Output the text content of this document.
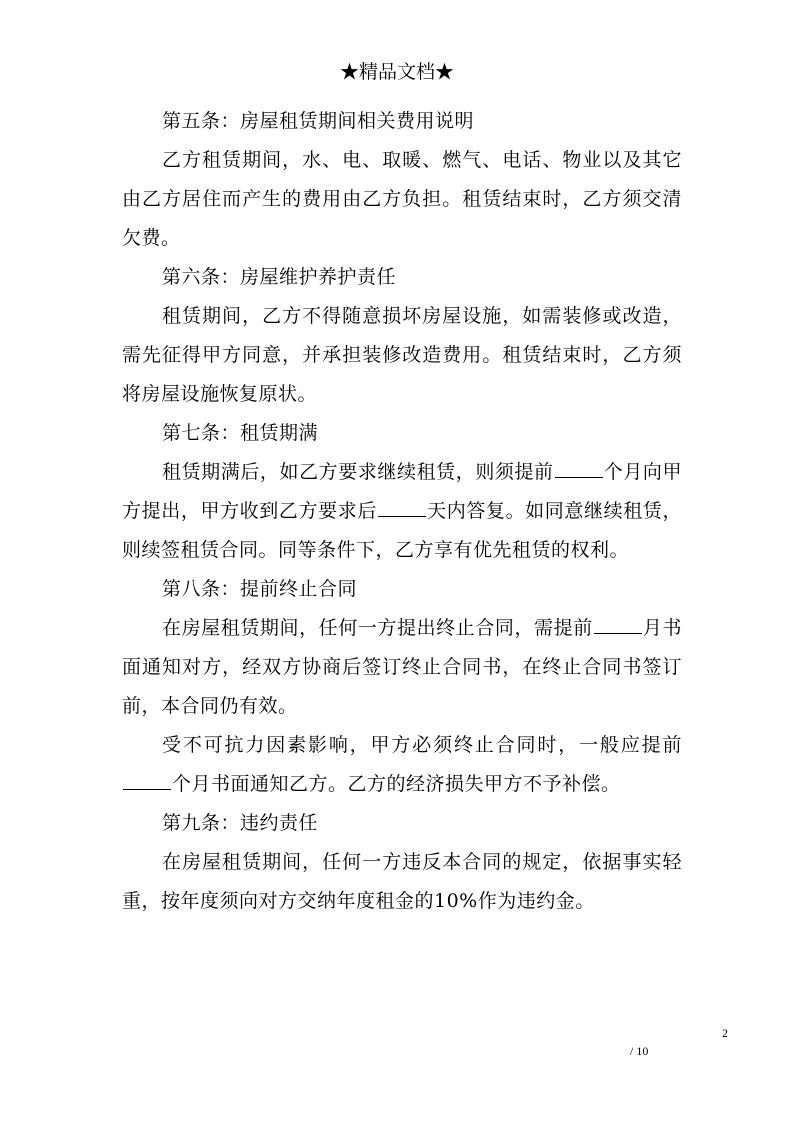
★精品文档★

第五条：房屋租赁期间相关费用说明

乙方租赁期间，水、电、取暖、燃气、电话、物业以及其它由乙方居住而产生的费用由乙方负担。租赁结束时，乙方须交清欠费。

第六条：房屋维护养护责任

租赁期间，乙方不得随意损坏房屋设施，如需装修或改造，需先征得甲方同意，并承担装修改造费用。租赁结束时，乙方须将房屋设施恢复原状。

第七条：租赁期满

租赁期满后，如乙方要求继续租赁，则须提前	个月向甲方提出，甲方收到乙方要求后	天内答复。如同意继续租赁，则续签租赁合同。同等条件下，乙方享有优先租赁的权利。

第八条：提前终止合同

在房屋租赁期间，任何一方提出终止合同，需提前	月书面通知对方，经双方协商后签订终止合同书，在终止合同书签订前，本合同仍有效。

受不可抗力因素影响，甲方必须终止合同时，一般应提前个月书面通知乙方。乙方的经济损失甲方不予补偿。

第九条：违约责任

在房屋租赁期间，任何一方违反本合同的规定，依据事实轻重，按年度须向对方交纳年度租金的10%作为违约金。

2
/ 10
